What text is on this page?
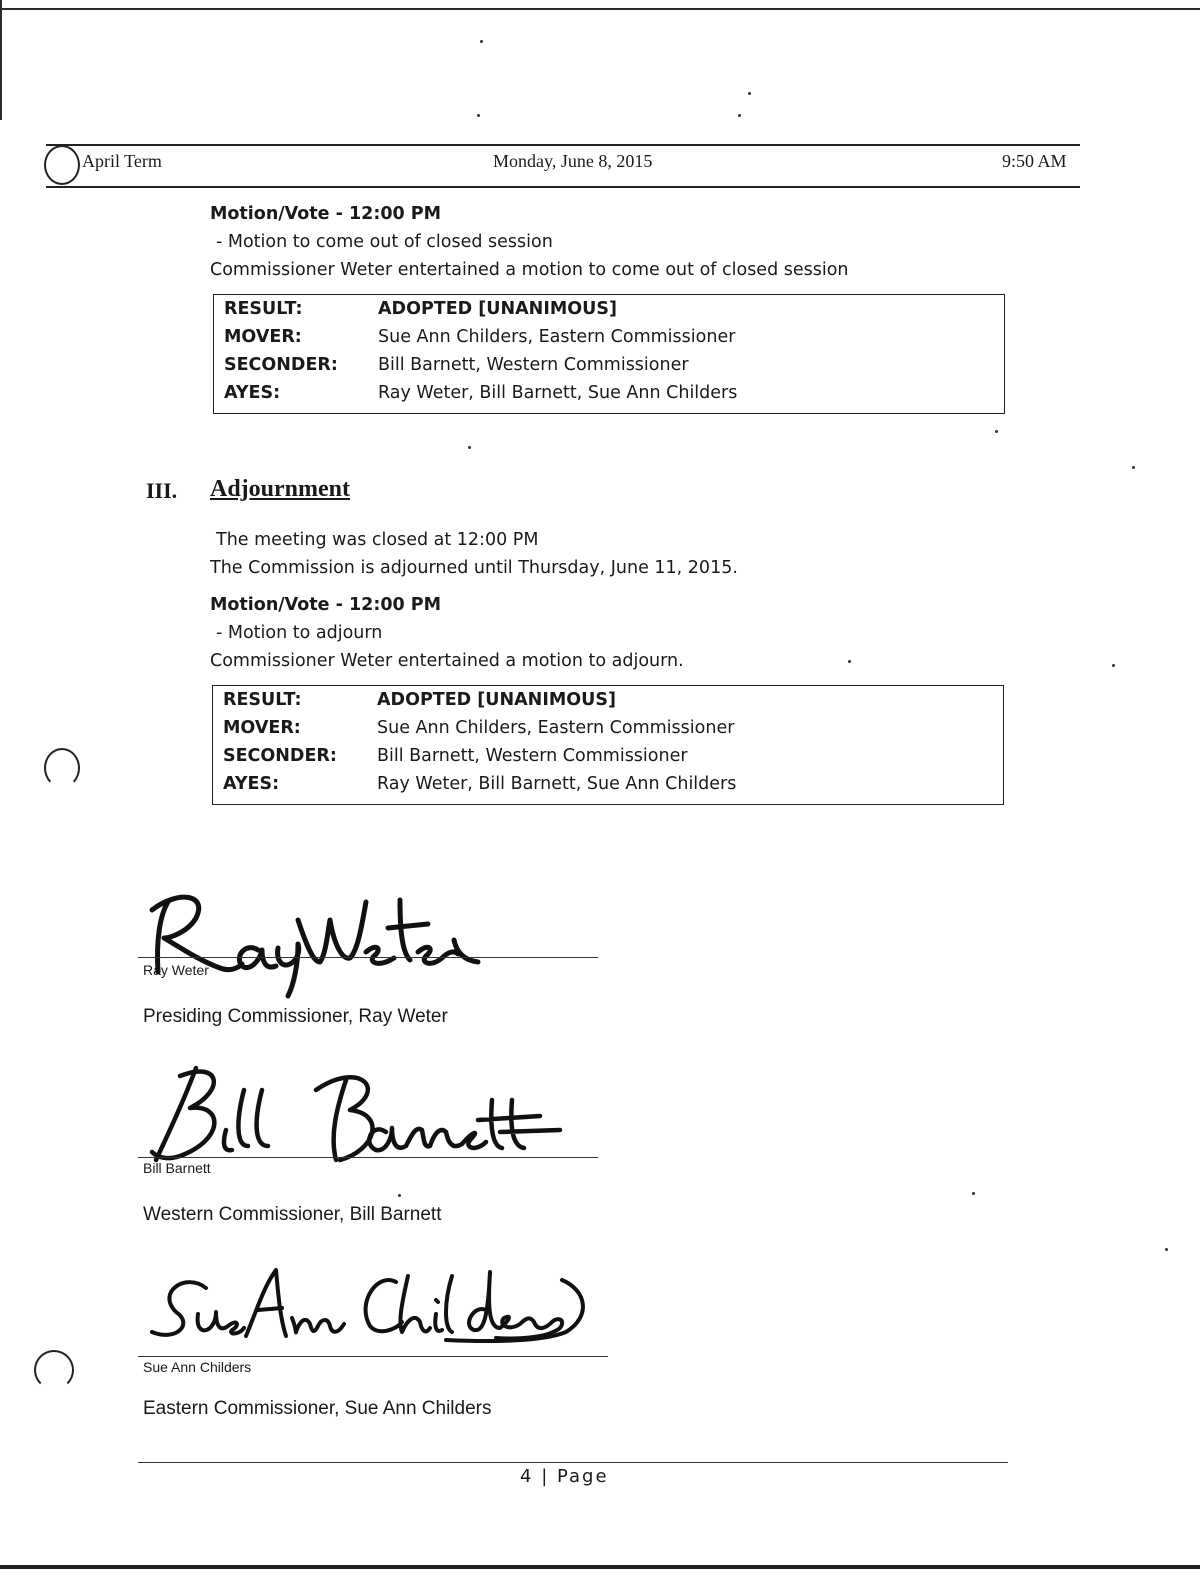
April Term	Monday, June 8, 2015	9:50 AM
Motion/Vote - 12:00 PM
- Motion to come out of closed session
Commissioner Weter entertained a motion to come out of closed session
RESULT:	ADOPTED [UNANIMOUS]
MOVER:	Sue Ann Childers, Eastern Commissioner
SECONDER: Bill Barnett, Western Commissioner
AYES:	Ray Weter, Bill Barnett, Sue Ann Childers
III. Adjournment
The meeting was closed at 12:00 PM
The Commission is adjourned until Thursday, June 11, 2015.
Motion/Vote - 12:00 PM
- Motion to adjourn
Commissioner Weter entertained a motion to adjourn.
RESULT:	ADOPTED [UNANIMOUS]
MOVER:	Sue Ann Childers, Eastern Commissioner
SECONDER: Bill Barnett, Western Commissioner
AYES:	Ray Weter, Bill Barnett, Sue Ann Childers
Ray Weter
Presiding Commissioner, Ray Weter
Bill Barnett
Western Commissioner, Bill Barnett
Sue Ann Childers
Eastern Commissioner, Sue Ann Childers
4 | Page
